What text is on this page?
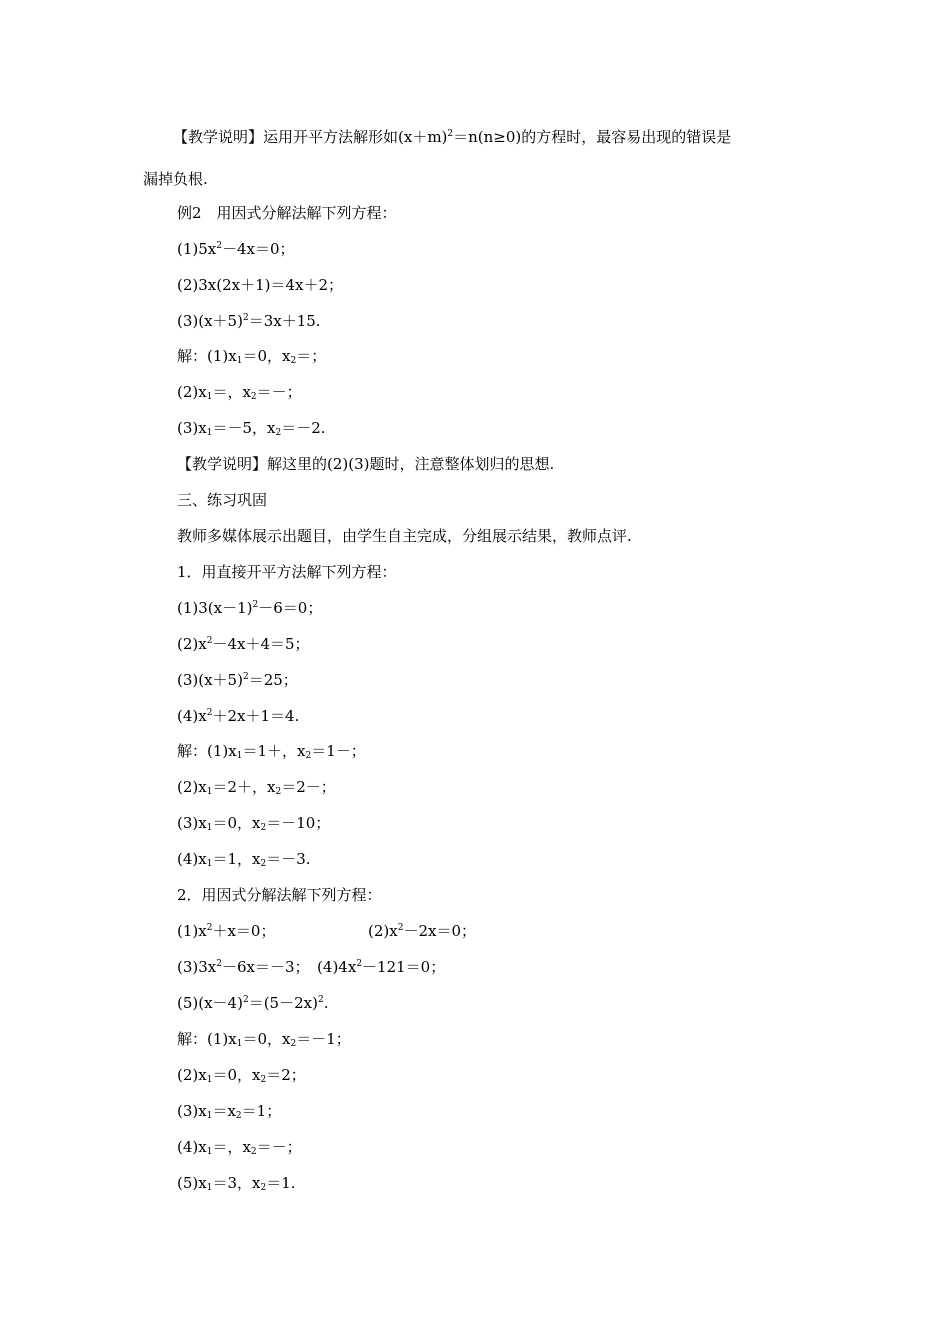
【教学说明】运用开平方法解形如$(x+m)^2=n(n\ge 0)$的方程时，最容易出现的错误是
漏掉负根.
例2　用因式分解法解下列方程：
$(1)5x^2-4x=0$；
(2)3x(2x＋1)＝4x＋2；
$(3)(x+5)^2=3x+15$.
解：$(1)x_1=0$，$x_2=$；
$(2)x_1=$，$x_2=-$；
$(3)x_1=-5$，$x_2=-2$.
【教学说明】解这里的(2)(3)题时，注意整体划归的思想.
三、练习巩固
教师多媒体展示出题目，由学生自主完成，分组展示结果，教师点评.
1．用直接开平方法解下列方程：
$(1)3(x-1)^2-6=0$；
$(2)x^2-4x+4=5$；
$(3)(x+5)^2=25$；
$(4)x^2+2x+1=4$.
解：$(1)x_1=1+$，$x_2=1-$；
$(2)x_1=2+$，$x_2=2-$；
$(3)x_1=0$，$x_2=-10$；
$(4)x_1=1$，$x_2=-3$.
2．用因式分解法解下列方程：
$(1)x^2+x=0$；	$(2)x^2-2x=0$；
$(3)3x^2-6x=-3$；　$(4)4x^2-121=0$；
$(5)(x-4)^2=(5-2x)^2$.
解：$(1)x_1=0$，$x_2=-1$；
$(2)x_1=0$，$x_2=2$；
$(3)x_1=x_2=1$；
$(4)x_1=$，$x_2=-$；
$(5)x_1=3$，$x_2=1$.
